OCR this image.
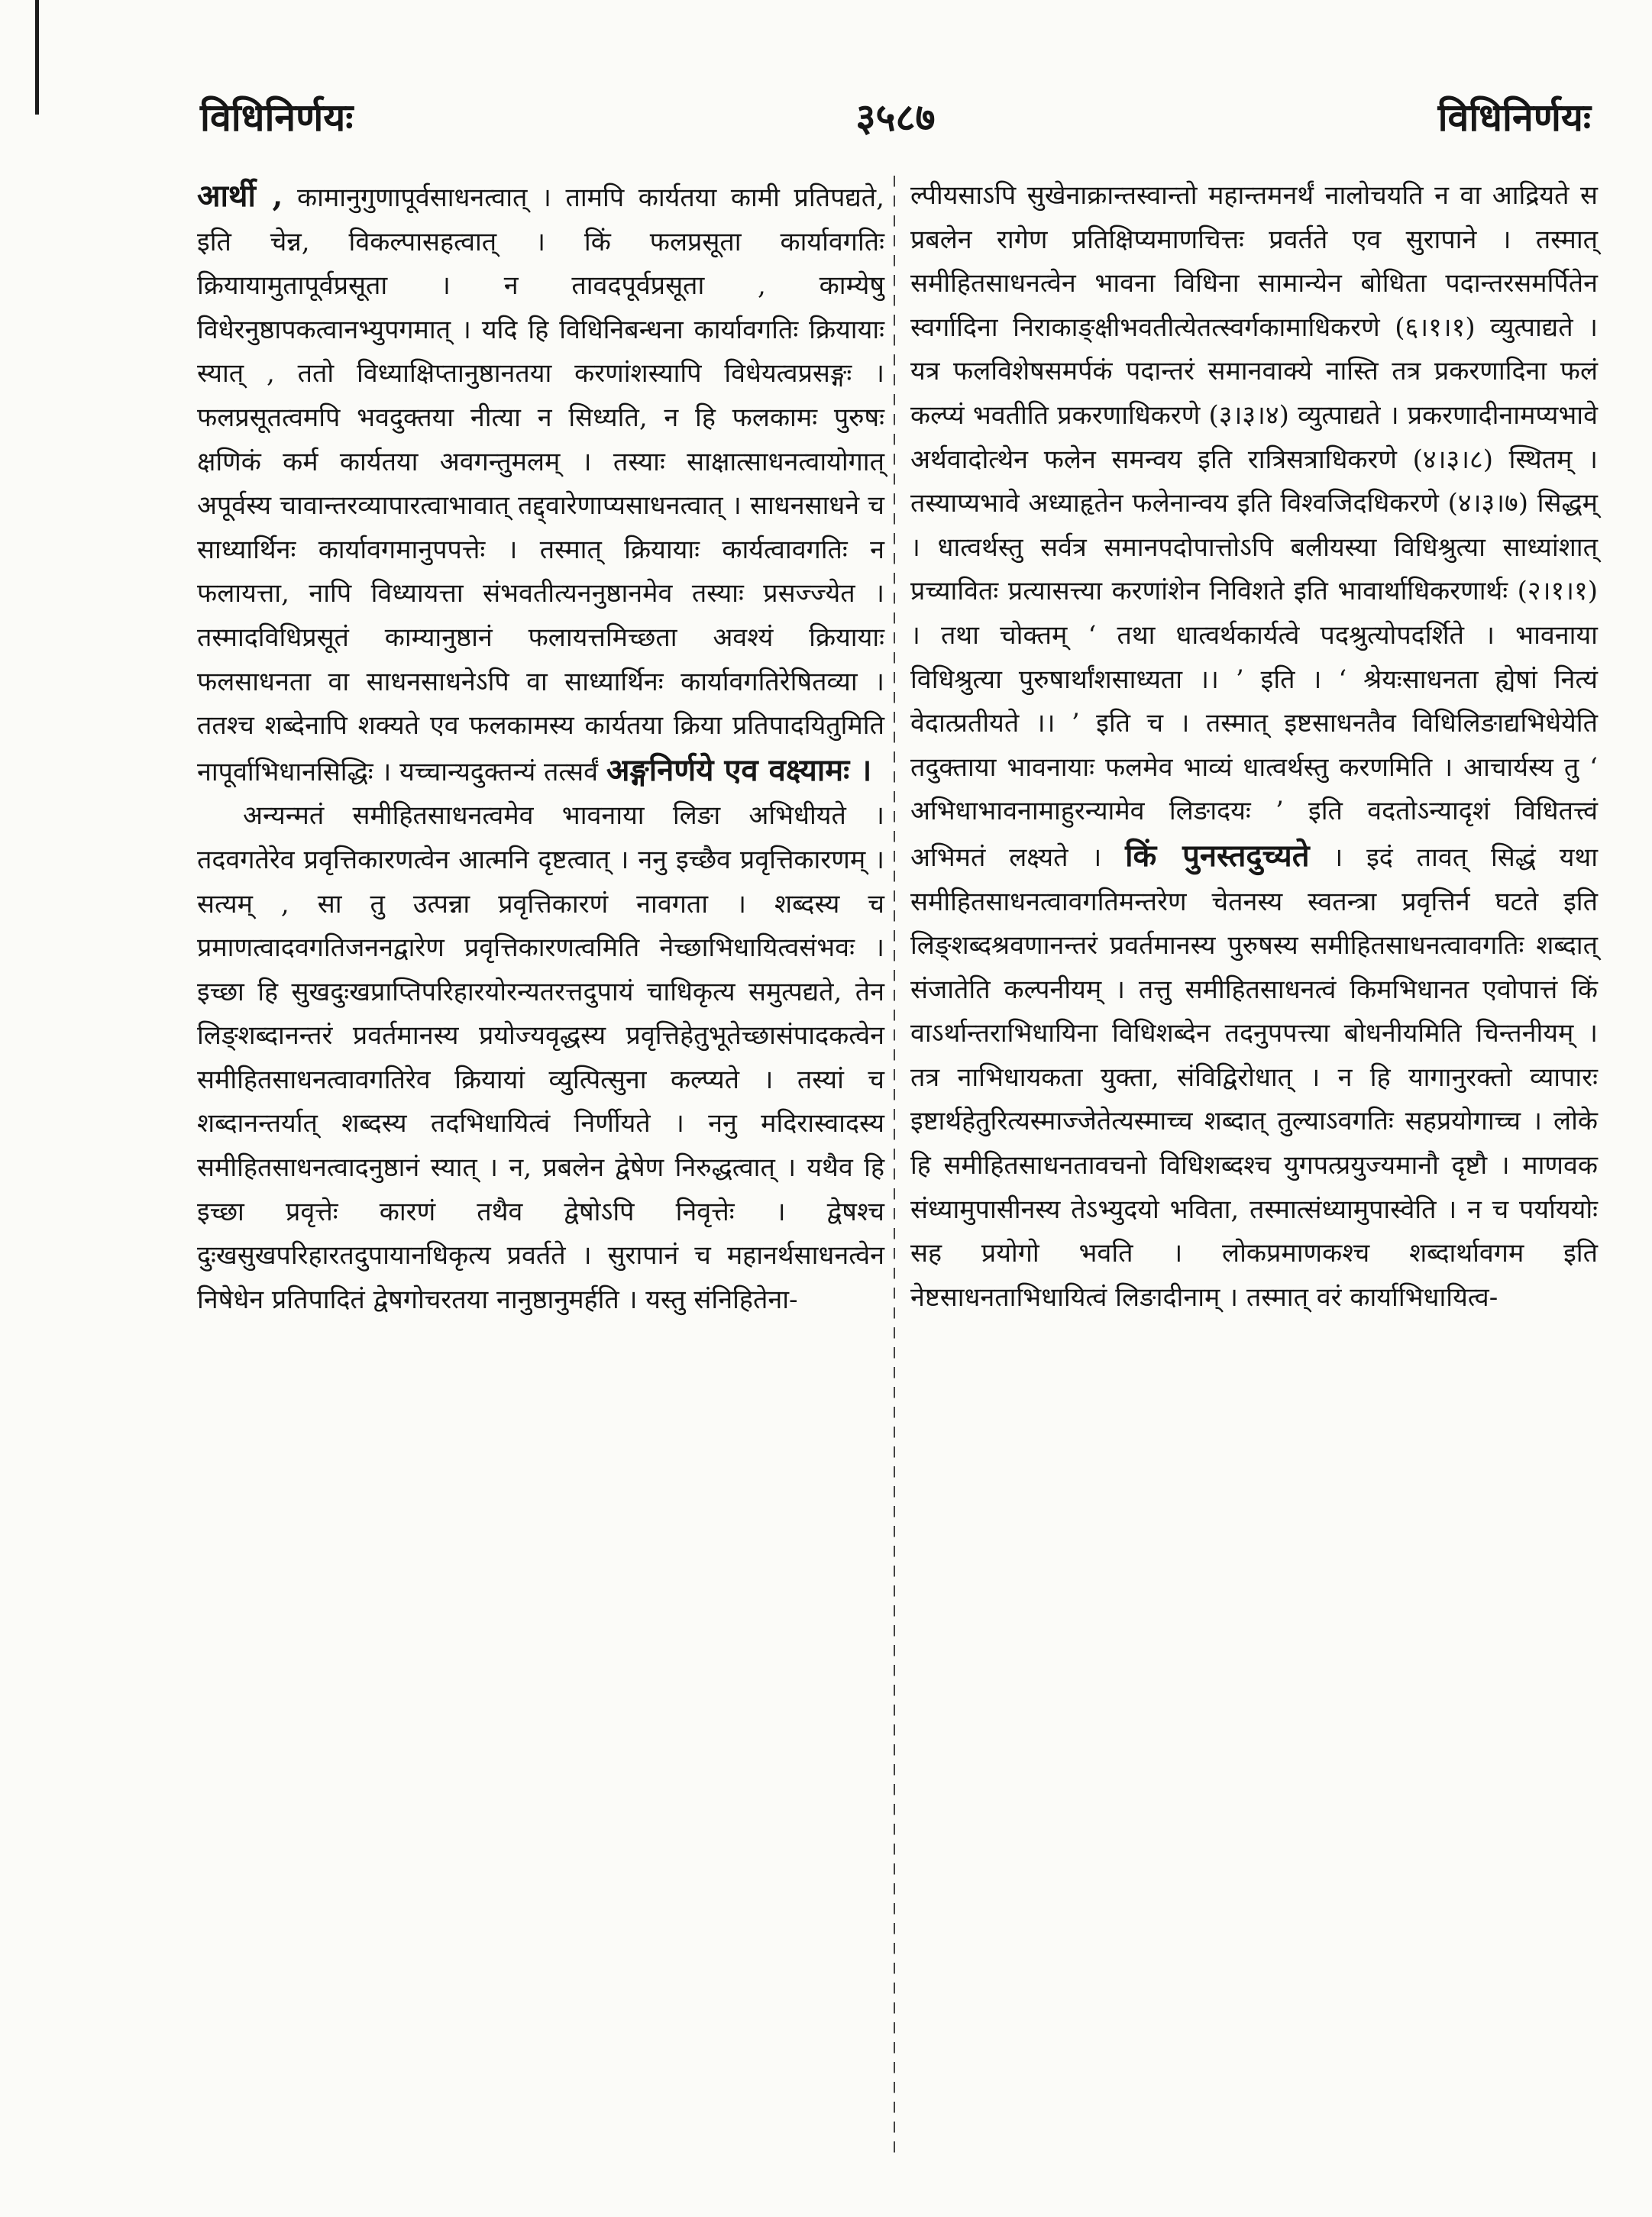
विधिनिर्णयः	३५८७	विधिनिर्णयः

आर्थी , कामानुगुणापूर्वसाधनत्वात् । तामपि कार्यतया कामी प्रतिपद्यते, इति चेन्न, विकल्पासहत्वात् । किं फलप्रसूता कार्यावगतिः क्रियायामुतापूर्वप्रसूता । न तावदपूर्वप्रसूता , काम्येषु विधेरनुष्ठापकत्वानभ्युपगमात् । यदि हि विधिनिबन्धना कार्यावगतिः क्रियायाः स्यात् , ततो विध्याक्षिप्तानुष्ठानतया करणांशस्यापि विधेयत्वप्रसङ्गः । फलप्रसूतत्वमपि भवदुक्तया नीत्या न सिध्यति, न हि फलकामः पुरुषः क्षणिकं कर्म कार्यतया अवगन्तुमलम् । तस्याः साक्षात्साधनत्वायोगात् अपूर्वस्य चावान्तरव्यापारत्वाभावात् तद्द्वारेणाप्यसाधनत्वात् । साधनसाधने च साध्यार्थिनः कार्यावगमानुपपत्तेः । तस्मात् क्रियायाः कार्यत्वावगतिः न फलायत्ता, नापि विध्यायत्ता संभवतीत्यननुष्ठानमेव तस्याः प्रसज्ज्येत । तस्मादविधिप्रसूतं काम्यानुष्ठानं फलायत्तमिच्छता अवश्यं क्रियायाः फलसाधनता वा साधनसाधनेऽपि वा साध्यार्थिनः कार्यावगतिरेषितव्या । ततश्च शब्देनापि शक्यते एव फलकामस्य कार्यतया क्रिया प्रतिपादयितुमिति नापूर्वाभिधानसिद्धिः । यच्चान्यदुक्तन्यं तत्सर्वं अङ्गनिर्णये एव वक्ष्यामः ।

अन्यन्मतं समीहितसाधनत्वमेव भावनाया लिङा अभिधीयते । तदवगतेरेव प्रवृत्तिकारणत्वेन आत्मनि दृष्टत्वात् । ननु इच्छैव प्रवृत्तिकारणम् । सत्यम् , सा तु उत्पन्ना प्रवृत्तिकारणं नावगता । शब्दस्य च प्रमाणत्वादवगतिजननद्वारेण प्रवृत्तिकारणत्वमिति नेच्छाभिधायित्वसंभवः । इच्छा हि सुखदुःखप्राप्तिपरिहारयोरन्यतरत्तदुपायं चाधिकृत्य समुत्पद्यते, तेन लिङ्शब्दानन्तरं प्रवर्तमानस्य प्रयोज्यवृद्धस्य प्रवृत्तिहेतुभूतेच्छासंपादकत्वेन समीहितसाधनत्वावगतिरेव क्रियायां व्युत्पित्सुना कल्प्यते । तस्यां च शब्दानन्तर्यात् शब्दस्य तदभिधायित्वं निर्णीयते । ननु मदिरास्वादस्य समीहितसाधनत्वादनुष्ठानं स्यात् । न, प्रबलेन द्वेषेण निरुद्धत्वात् । यथैव हि इच्छा प्रवृत्तेः कारणं तथैव द्वेषोऽपि निवृत्तेः । द्वेषश्च दुःखसुखपरिहारतदुपायानधिकृत्य प्रवर्तते । सुरापानं च महानर्थसाधनत्वेन निषेधेन प्रतिपादितं द्वेषगोचरतया नानुष्ठानुमर्हति । यस्तु संनिहितेना-

ल्पीयसाऽपि सुखेनाक्रान्तस्वान्तो महान्तमनर्थं नालोचयति न वा आद्रियते स प्रबलेन रागेण प्रतिक्षिप्यमाणचित्तः प्रवर्तते एव सुरापाने । तस्मात् समीहितसाधनत्वेन भावना विधिना सामान्येन बोधिता पदान्तरसमर्पितेन स्वर्गादिना निराकाङ्क्षीभवतीत्येतत्स्वर्गकामाधिकरणे (६।१।१) व्युत्पाद्यते । यत्र फलविशेषसमर्पकं पदान्तरं समानवाक्ये नास्ति तत्र प्रकरणादिना फलं कल्प्यं भवतीति प्रकरणाधिकरणे (३।३।४) व्युत्पाद्यते । प्रकरणादीनामप्यभावे अर्थवादोत्थेन फलेन समन्वय इति रात्रिसत्राधिकरणे (४।३।८) स्थितम् । तस्याप्यभावे अध्याहृतेन फलेनान्वय इति विश्वजिदधिकरणे (४।३।७) सिद्धम् । धात्वर्थस्तु सर्वत्र समानपदोपात्तोऽपि बलीयस्या विधिश्रुत्या साध्यांशात् प्रच्यावितः प्रत्यासत्त्या करणांशेन निविशते इति भावार्थाधिकरणार्थः (२।१।१) । तथा चोक्तम् ‘ तथा धात्वर्थकार्यत्वे पदश्रुत्योपदर्शिते । भावनाया विधिश्रुत्या पुरुषार्थांशसाध्यता ।। ’ इति । ‘ श्रेयःसाधनता ह्येषां नित्यं वेदात्प्रतीयते ।। ’ इति च । तस्मात् इष्टसाधनतैव विधिलिङाद्यभिधेयेति तदुक्ताया भावनायाः फलमेव भाव्यं धात्वर्थस्तु करणमिति । आचार्यस्य तु ‘ अभिधाभावनामाहुरन्यामेव लिङादयः ’ इति वदतोऽन्यादृशं विधितत्त्वं अभिमतं लक्ष्यते । किं पुनस्तदुच्यते । इदं तावत् सिद्धं यथा समीहितसाधनत्वावगतिमन्तरेण चेतनस्य स्वतन्त्रा प्रवृत्तिर्न घटते इति लिङ्शब्दश्रवणानन्तरं प्रवर्तमानस्य पुरुषस्य समीहितसाधनत्वावगतिः शब्दात् संजातेति कल्पनीयम् । तत्तु समीहितसाधनत्वं किमभिधानत एवोपात्तं किं वाऽर्थान्तराभिधायिना विधिशब्देन तदनुपपत्त्या बोधनीयमिति चिन्तनीयम् । तत्र नाभिधायकता युक्ता, संविद्विरोधात् । न हि यागानुरक्तो व्यापारः इष्टार्थहेतुरित्यस्माज्जेतेत्यस्माच्च शब्दात् तुल्याऽवगतिः सहप्रयोगाच्च । लोके हि समीहितसाधनतावचनो विधिशब्दश्च युगपत्प्रयुज्यमानौ दृष्टौ । माणवक संध्यामुपासीनस्य तेऽभ्युदयो भविता, तस्मात्संध्यामुपास्वेति । न च पर्याययोः सह प्रयोगो भवति । लोकप्रमाणकश्च शब्दार्थावगम इति नेष्टसाधनताभिधायित्वं लिङादीनाम् । तस्मात् वरं कार्याभिधायित्व-
